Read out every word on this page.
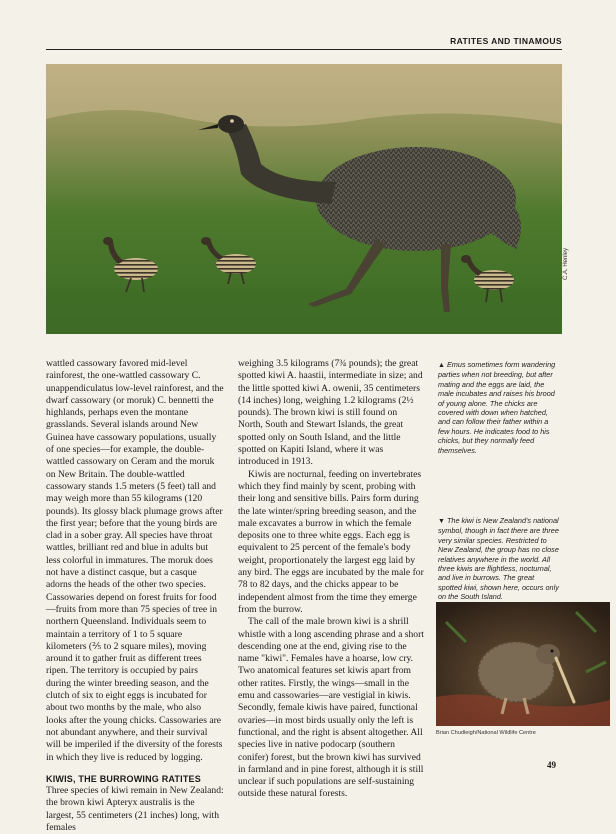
RATITES AND TINAMOUS
C.A. Henley

wattled cassowary favored mid-level rainforest, the one-wattled cassowary C. unappendiculatus low-level rainforest, and the dwarf cassowary (or moruk) C. bennetti the highlands, perhaps even the montane grasslands. Several islands around New Guinea have cassowary populations, usually of one species—for example, the double-wattled cassowary on Ceram and the moruk on New Britain. The double-wattled cassowary stands 1.5 meters (5 feet) tall and may weigh more than 55 kilograms (120 pounds). Its glossy black plumage grows after the first year; before that the young birds are clad in a sober gray. All species have throat wattles, brilliant red and blue in adults but less colorful in immatures. The moruk does not have a distinct casque, but a casque adorns the heads of the other two species. Cassowaries depend on forest fruits for food—fruits from more than 75 species of tree in northern Queensland. Individuals seem to maintain a territory of 1 to 5 square kilometers (⅖ to 2 square miles), moving around it to gather fruit as different trees ripen. The territory is occupied by pairs during the winter breeding season, and the clutch of six to eight eggs is incubated for about two months by the male, who also looks after the young chicks. Cassowaries are not abundant anywhere, and their survival will be imperiled if the diversity of the forests in which they live is reduced by logging.

KIWIS, THE BURROWING RATITES

Three species of kiwi remain in New Zealand: the brown kiwi Apteryx australis is the largest, 55 centimeters (21 inches) long, with females

weighing 3.5 kilograms (7¾ pounds); the great spotted kiwi A. haastii, intermediate in size; and the little spotted kiwi A. owenii, 35 centimeters (14 inches) long, weighing 1.2 kilograms (2½ pounds). The brown kiwi is still found on North, South and Stewart Islands, the great spotted only on South Island, and the little spotted on Kapiti Island, where it was introduced in 1913.

Kiwis are nocturnal, feeding on invertebrates which they find mainly by scent, probing with their long and sensitive bills. Pairs form during the late winter/spring breeding season, and the male excavates a burrow in which the female deposits one to three white eggs. Each egg is equivalent to 25 percent of the female's body weight, proportionately the largest egg laid by any bird. The eggs are incubated by the male for 78 to 82 days, and the chicks appear to be independent almost from the time they emerge from the burrow.

The call of the male brown kiwi is a shrill whistle with a long ascending phrase and a short descending one at the end, giving rise to the name "kiwi". Females have a hoarse, low cry. Two anatomical features set kiwis apart from other ratites. Firstly, the wings—small in the emu and cassowaries—are vestigial in kiwis. Secondly, female kiwis have paired, functional ovaries—in most birds usually only the left is functional, and the right is absent altogether. All species live in native podocarp (southern conifer) forest, but the brown kiwi has survived in farmland and in pine forest, although it is still unclear if such populations are self-sustaining outside these natural forests.

▲ Emus sometimes form wandering parties when not breeding, but after mating and the eggs are laid, the male incubates and raises his brood of young alone. The chicks are covered with down when hatched, and can follow their father within a few hours. He indicates food to his chicks, but they normally feed themselves.
▼ The kiwi is New Zealand's national symbol, though in fact there are three very similar species. Restricted to New Zealand, the group has no close relatives anywhere in the world. All three kiwis are flightless, nocturnal, and live in burrows. The great spotted kiwi, shown here, occurs only on the South Island.
Brian Chudleigh/National Wildlife Centre
49
